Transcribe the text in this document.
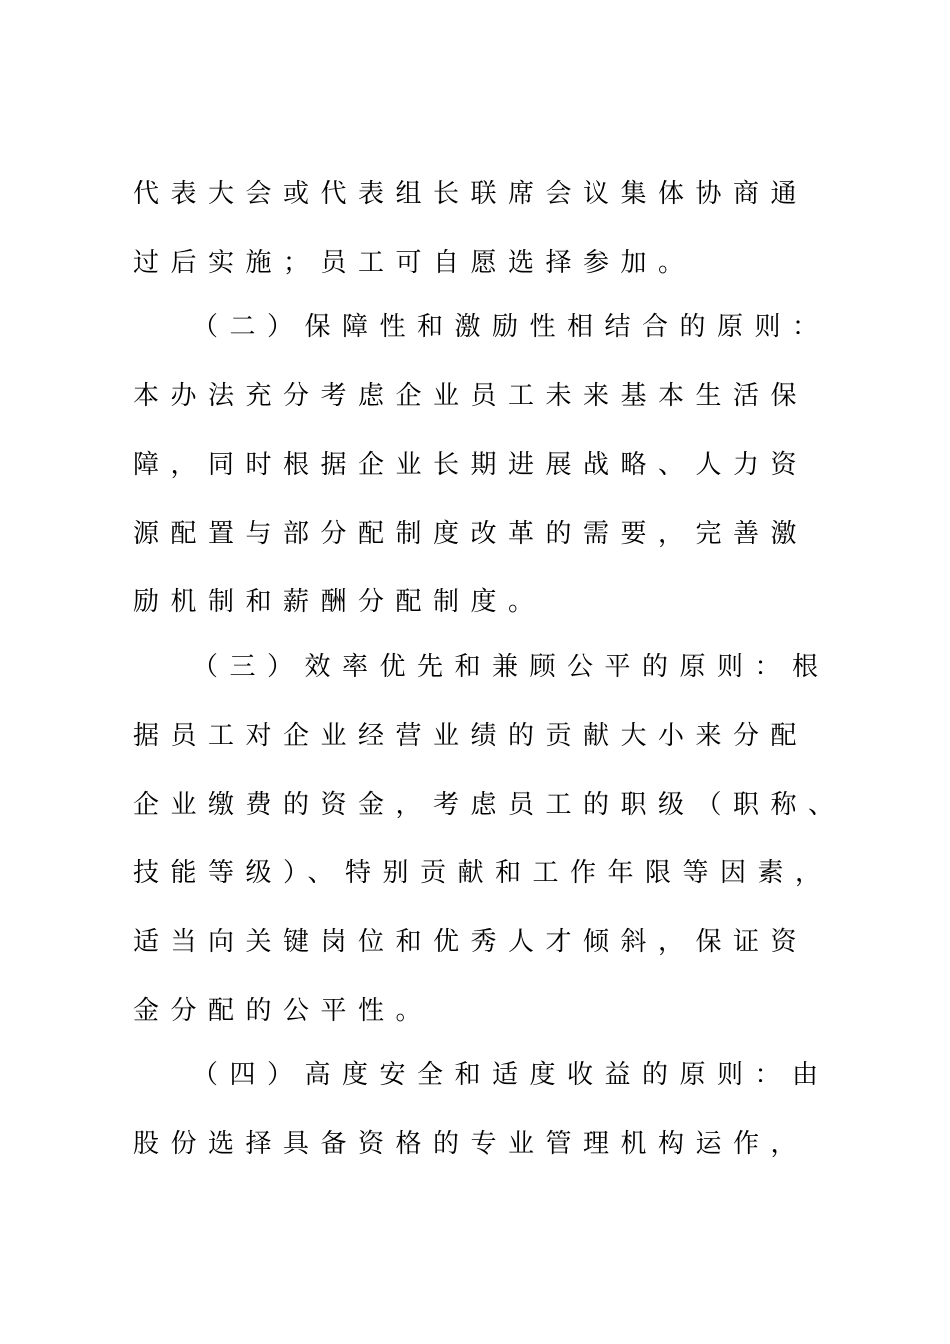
代表大会或代表组长联席会议集体协商通
过后实施；员工可自愿选择参加。
（二）保障性和激励性相结合的原则：
本办法充分考虑企业员工未来基本生活保
障，同时根据企业长期进展战略、人力资
源配置与部分配制度改革的需要，完善激
励机制和薪酬分配制度。
（三）效率优先和兼顾公平的原则：根
据员工对企业经营业绩的贡献大小来分配
企业缴费的资金，考虑员工的职级（职称、
技能等级）、特别贡献和工作年限等因素，
适当向关键岗位和优秀人才倾斜，保证资
金分配的公平性。
（四）高度安全和适度收益的原则：由
股份选择具备资格的专业管理机构运作，
